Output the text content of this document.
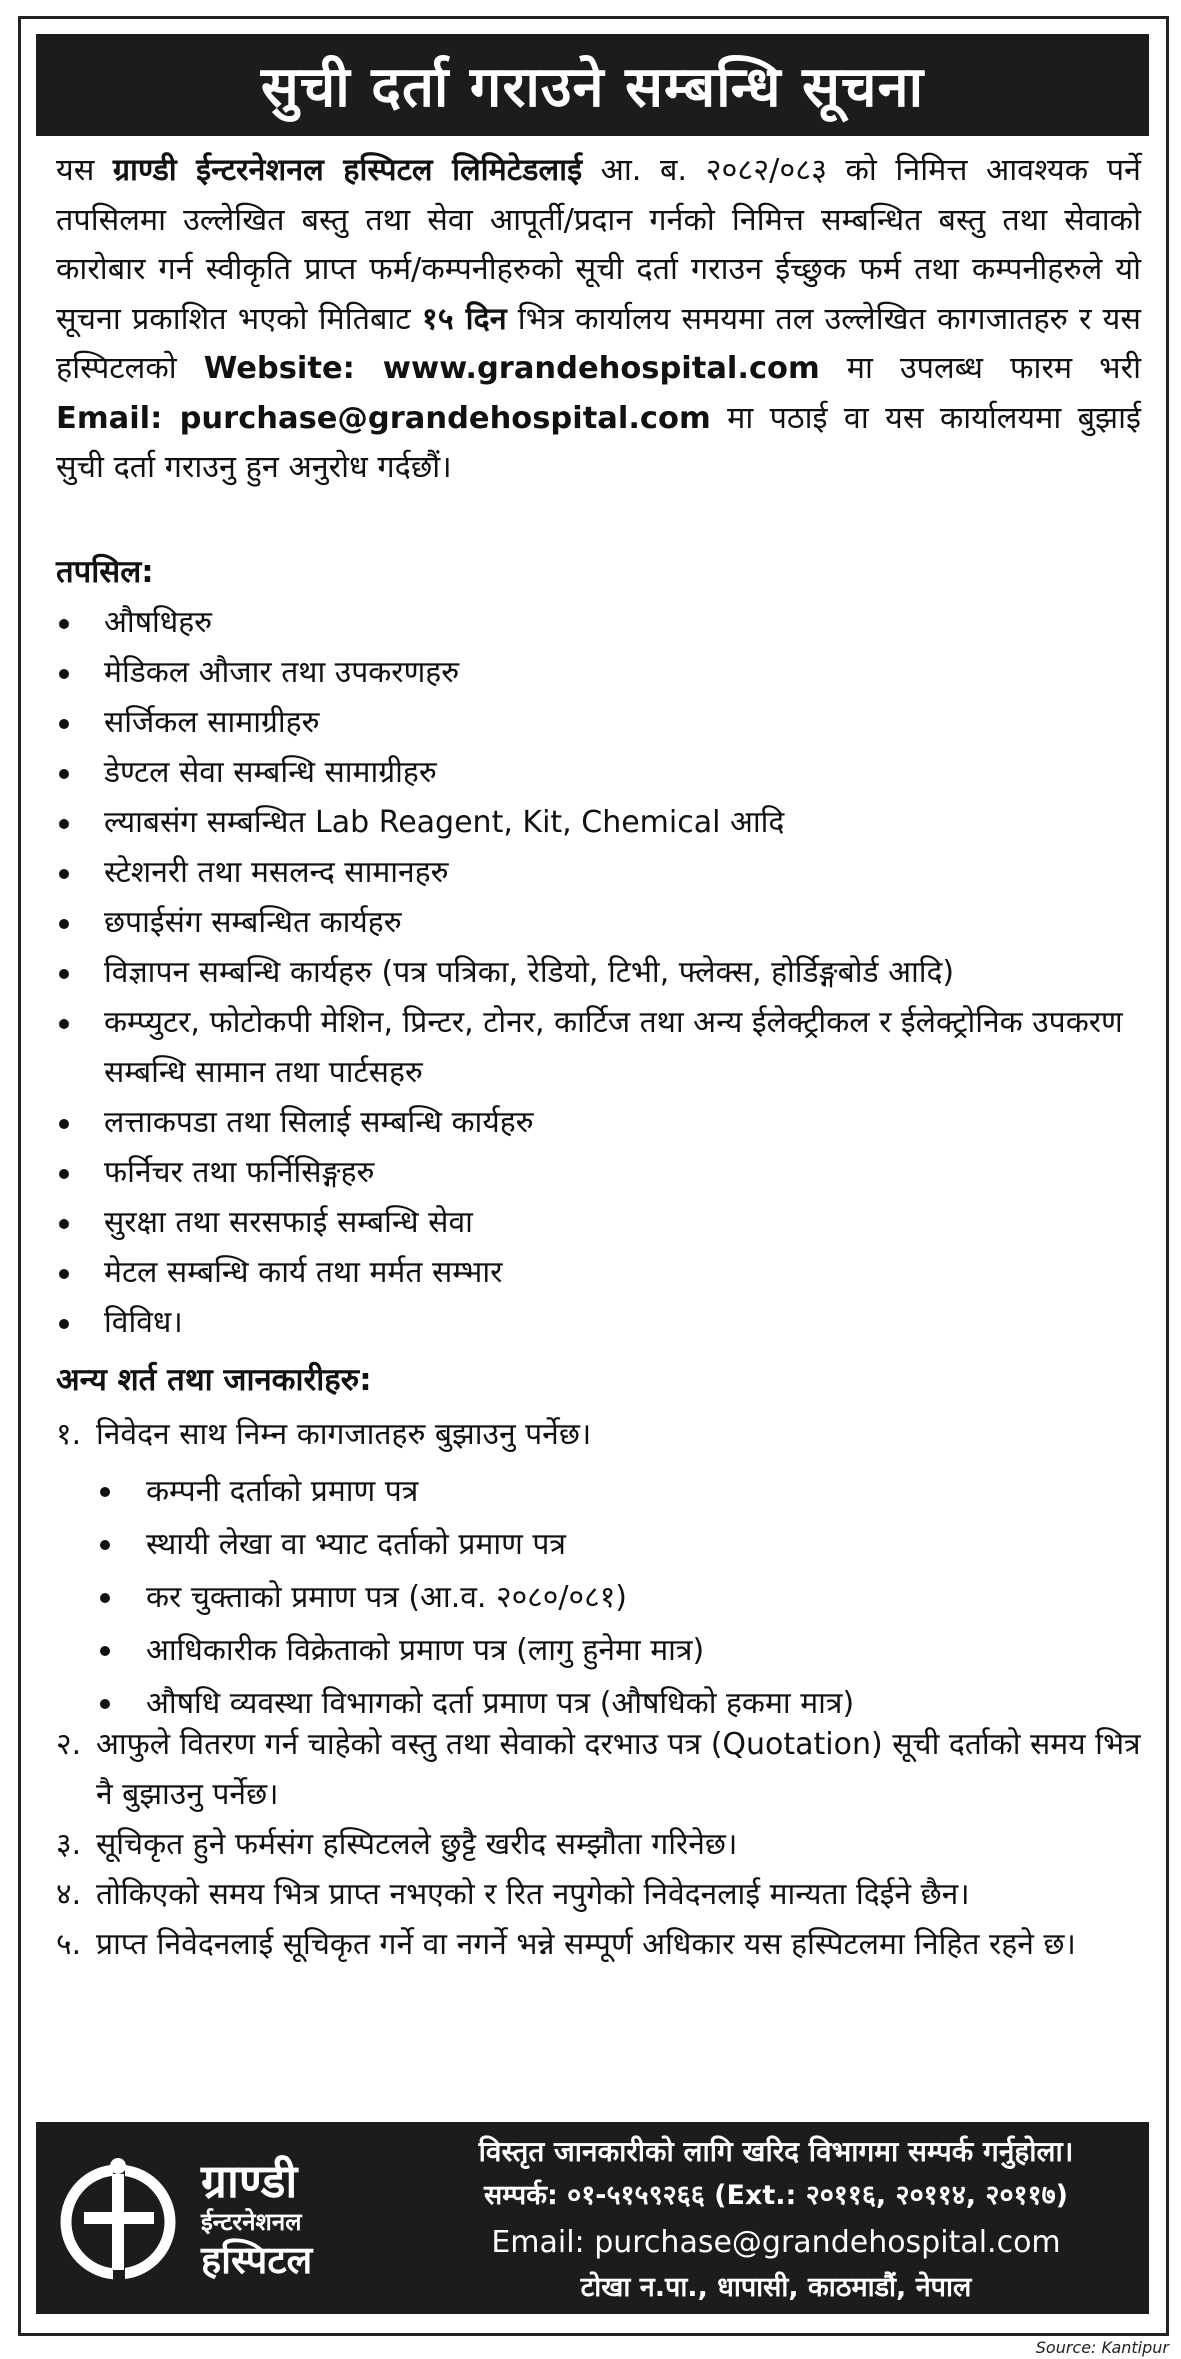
सुची दर्ता गराउने सम्बन्धि सूचना
यस ग्राण्डी ईन्टरनेशनल हस्पिटल लिमिटेडलाई आ. ब. २०८२/०८३ को निमित्त आवश्यक पर्ने तपसिलमा उल्लेखित बस्तु तथा सेवा आपूर्ती/प्रदान गर्नको निमित्त सम्बन्धित बस्तु तथा सेवाको कारोबार गर्न स्वीकृति प्राप्त फर्म/कम्पनीहरुको सूची दर्ता गराउन ईच्छुक फर्म तथा कम्पनीहरुले यो सूचना प्रकाशित भएको मितिबाट १५ दिन भित्र कार्यालय समयमा तल उल्लेखित कागजातहरु र यस हस्पिटलको Website: www.grandehospital.com मा उपलब्ध फारम भरी Email: purchase@grandehospital.com मा पठाई वा यस कार्यालयमा बुझाई सुची दर्ता गराउनु हुन अनुरोध गर्दछौं।
तपसिल:
औषधिहरु
मेडिकल औजार तथा उपकरणहरु
सर्जिकल सामाग्रीहरु
डेण्टल सेवा सम्बन्धि सामाग्रीहरु
ल्याबसंग सम्बन्धित Lab Reagent, Kit, Chemical आदि
स्टेशनरी तथा मसलन्द सामानहरु
छपाईसंग सम्बन्धित कार्यहरु
विज्ञापन सम्बन्धि कार्यहरु (पत्र पत्रिका, रेडियो, टिभी, फ्लेक्स, होर्डिङ्गबोर्ड आदि)
कम्प्युटर, फोटोकपी मेशिन, प्रिन्टर, टोनर, कार्टिज तथा अन्य ईलेक्ट्रीकल र ईलेक्ट्रोनिक उपकरण सम्बन्धि सामान तथा पार्टसहरु
लत्ताकपडा तथा सिलाई सम्बन्धि कार्यहरु
फर्निचर तथा फर्निसिङ्गहरु
सुरक्षा तथा सरसफाई सम्बन्धि सेवा
मेटल सम्बन्धि कार्य तथा मर्मत सम्भार
विविध।
अन्य शर्त तथा जानकारीहरु:
१. निवेदन साथ निम्न कागजातहरु बुझाउनु पर्नेछ।
कम्पनी दर्ताको प्रमाण पत्र
स्थायी लेखा वा भ्याट दर्ताको प्रमाण पत्र
कर चुक्ताको प्रमाण पत्र (आ.व. २०८०/०८१)
आधिकारीक विक्रेताको प्रमाण पत्र (लागु हुनेमा मात्र)
औषधि व्यवस्था विभागको दर्ता प्रमाण पत्र (औषधिको हकमा मात्र)
२. आफुले वितरण गर्न चाहेको वस्तु तथा सेवाको दरभाउ पत्र (Quotation) सूची दर्ताको समय भित्र नै बुझाउनु पर्नेछ।
३. सूचिकृत हुने फर्मसंग हस्पिटलले छुट्टै खरीद सम्झौता गरिनेछ।
४. तोकिएको समय भित्र प्राप्त नभएको र रित नपुगेको निवेदनलाई मान्यता दिईने छैन।
५. प्राप्त निवेदनलाई सूचिकृत गर्ने वा नगर्ने भन्ने सम्पूर्ण अधिकार यस हस्पिटलमा निहित रहने छ।
ग्राण्डी
ईन्टरनेशनल
हस्पिटल
विस्तृत जानकारीको लागि खरिद विभागमा सम्पर्क गर्नुहोला।
सम्पर्क: ०१-५१५९२६६ (Ext.: २०११६, २०११४, २०११७)
Email: purchase@grandehospital.com
टोखा न.पा., धापासी, काठमाडौं, नेपाल
Source: Kantipur
